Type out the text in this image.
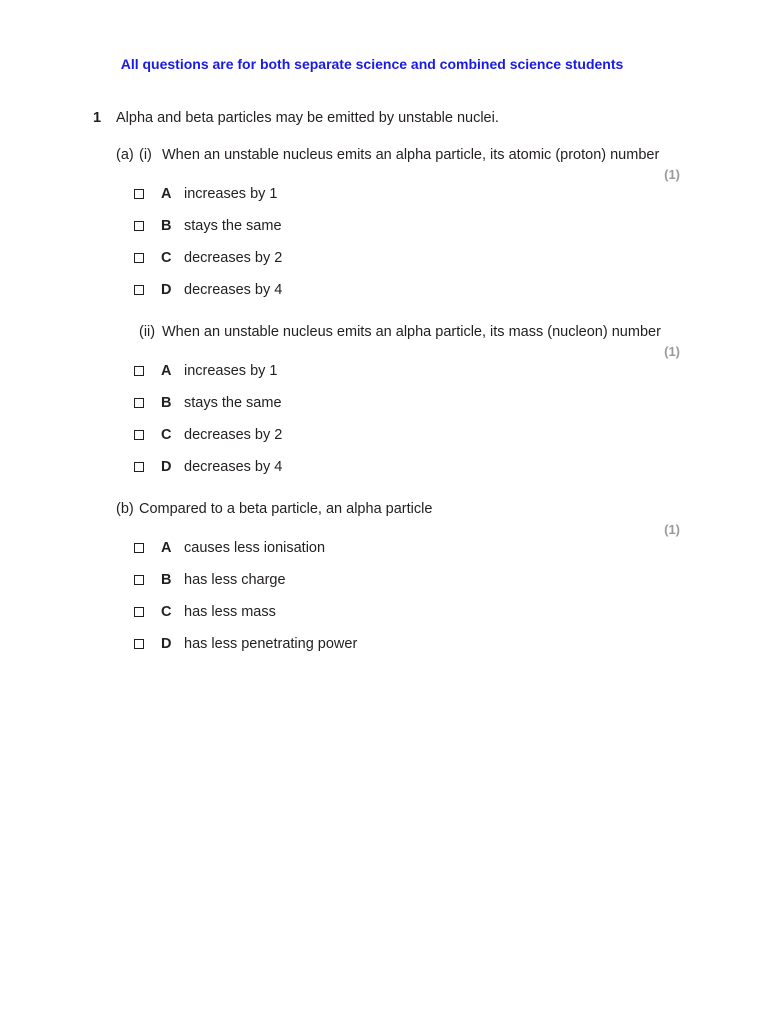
All questions are for both separate science and combined science students
1 Alpha and beta particles may be emitted by unstable nuclei.
(a) (i) When an unstable nucleus emits an alpha particle, its atomic (proton) number
(1)
A increases by 1
B stays the same
C decreases by 2
D decreases by 4
(ii) When an unstable nucleus emits an alpha particle, its mass (nucleon) number
(1)
A increases by 1
B stays the same
C decreases by 2
D decreases by 4
(b) Compared to a beta particle, an alpha particle
(1)
A causes less ionisation
B has less charge
C has less mass
D has less penetrating power
